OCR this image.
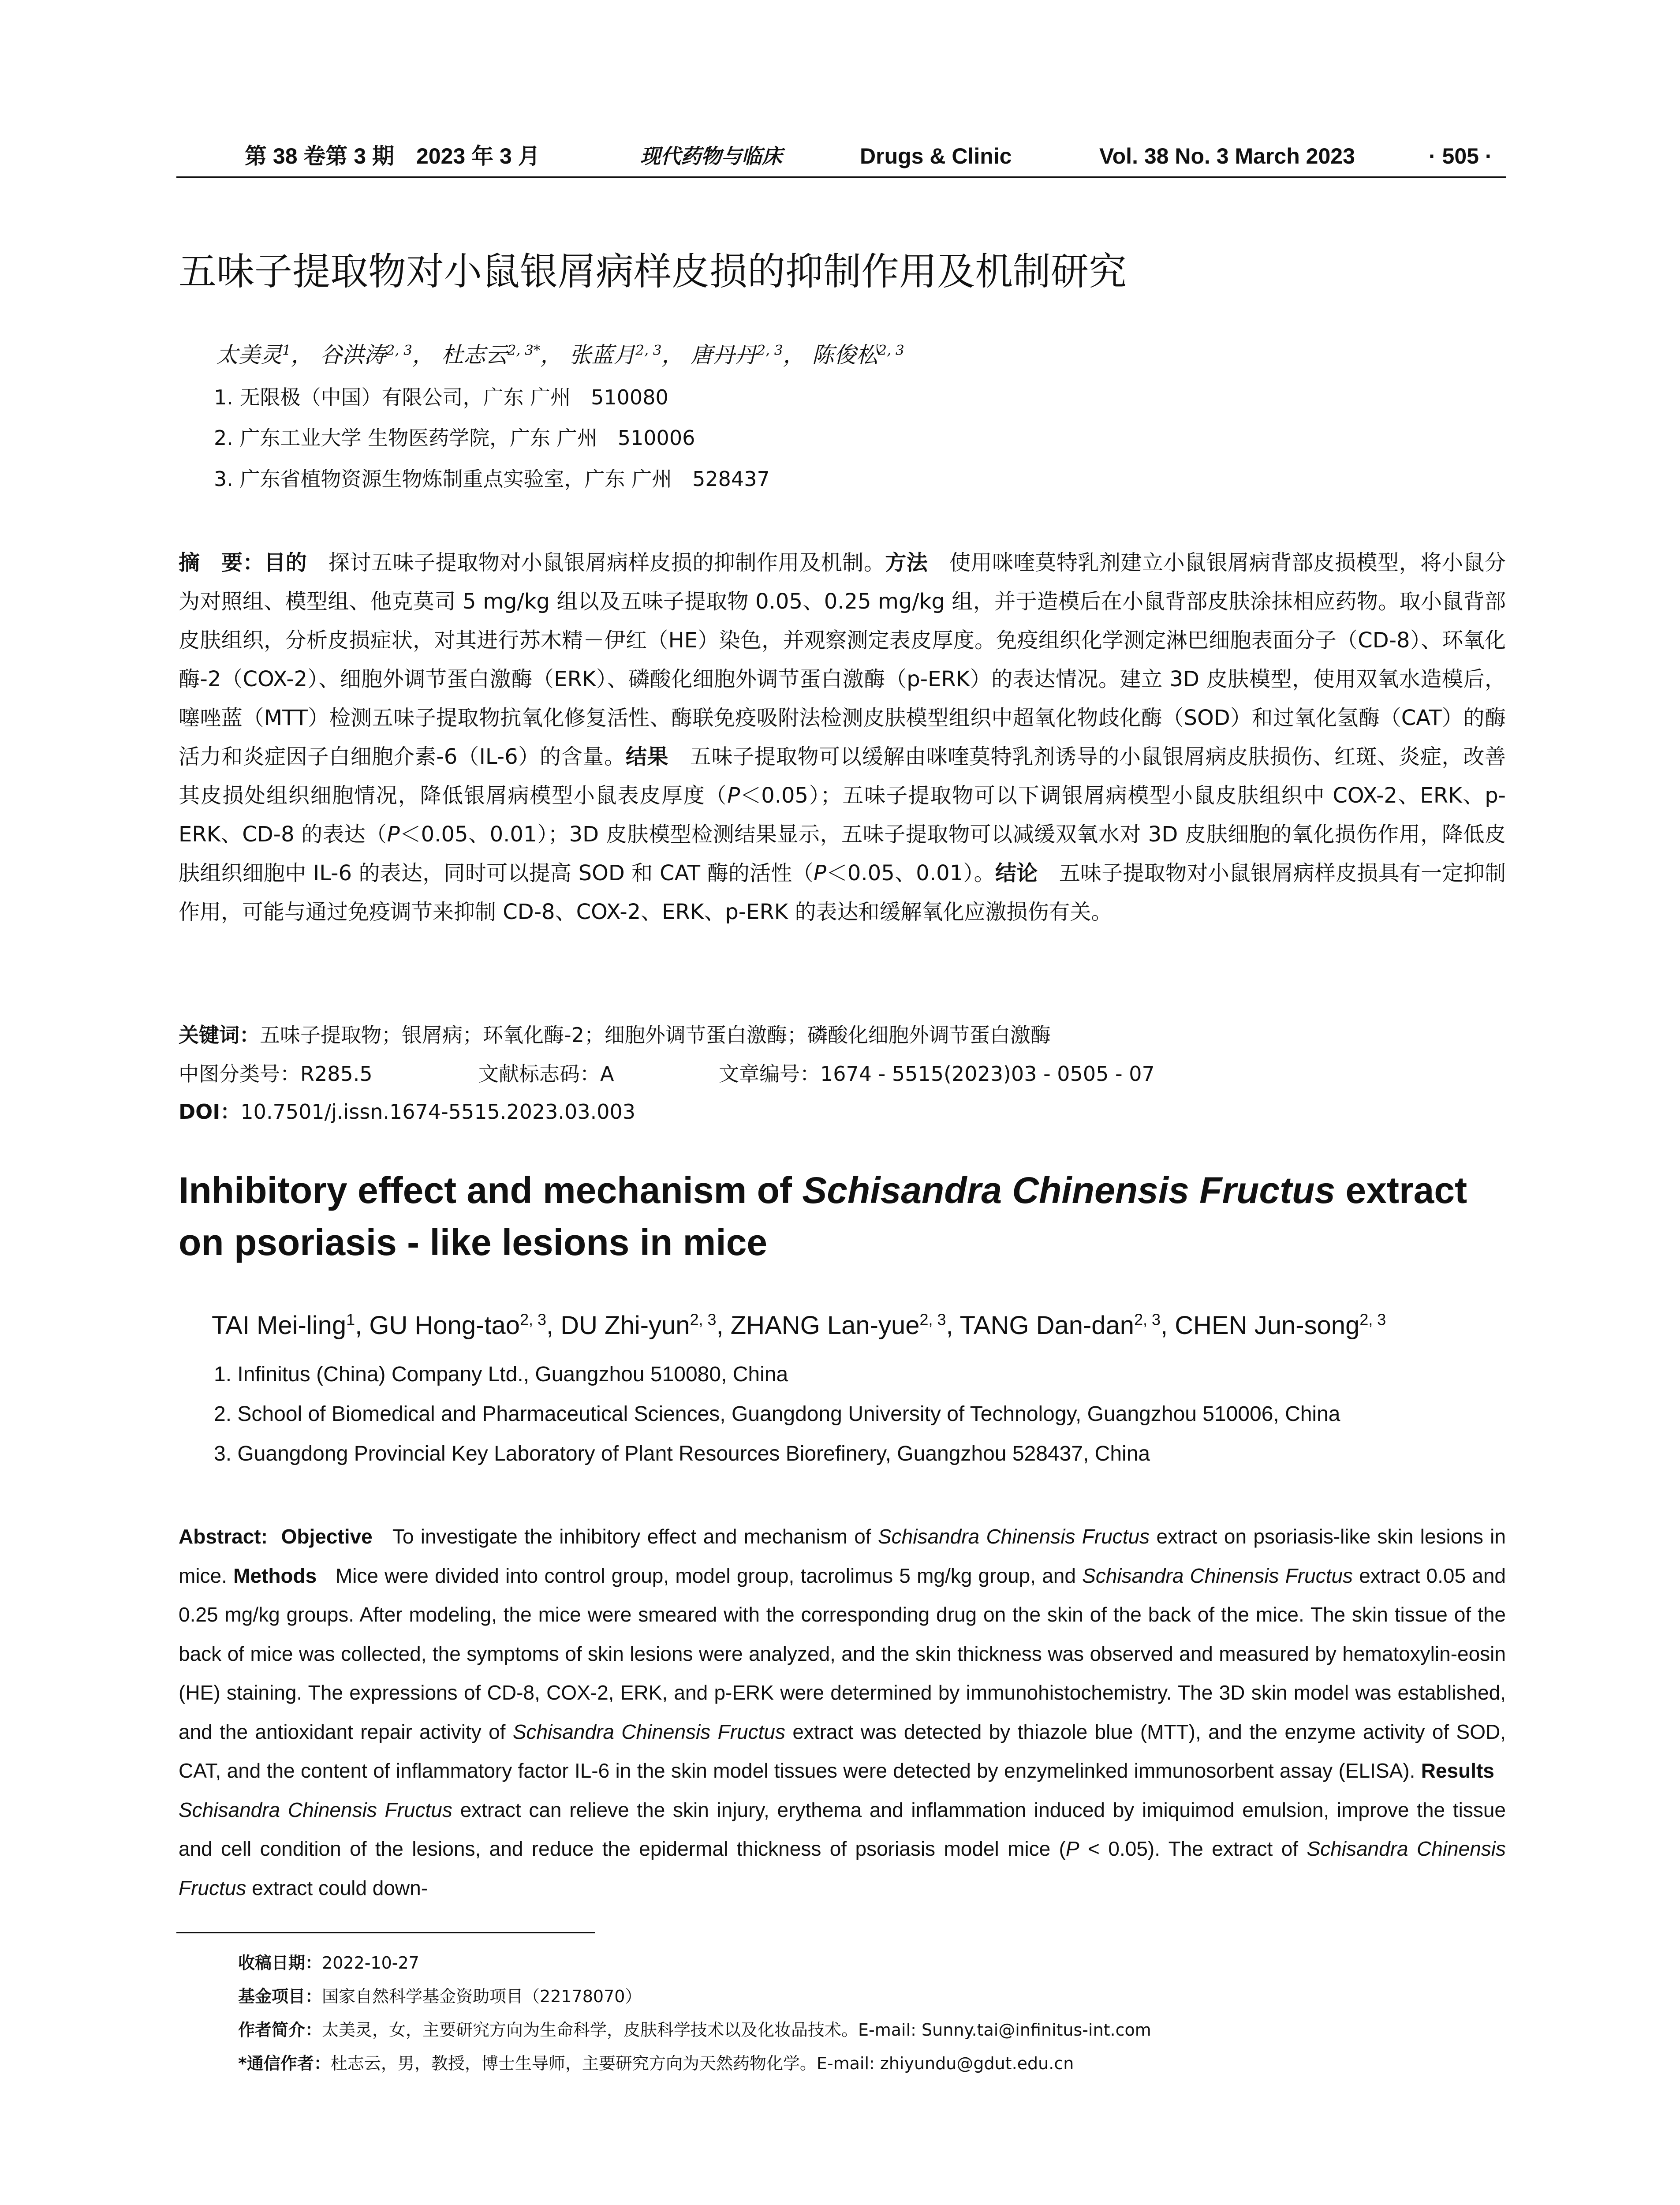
第 38 卷第 3 期　2023 年 3 月	现代药物与临床	Drugs & Clinic	Vol. 38 No. 3 March 2023	· 505 ·
五味子提取物对小鼠银屑病样皮损的抑制作用及机制研究
太美灵$^1$， 谷洪涛$^{2, 3}$， 杜志云$^{2, 3*}$， 张蓝月$^{2, 3}$， 唐丹丹$^{2, 3}$， 陈俊松$^{2, 3}$
1. 无限极（中国）有限公司，广东 广州　510080
2. 广东工业大学 生物医药学院，广东 广州　510006
3. 广东省植物资源生物炼制重点实验室，广东 广州　528437
摘　要：目的　 探讨五味子提取物对小鼠银屑病样皮损的抑制作用及机制。方法　 使用咪喹莫特乳剂建立小鼠银屑病背部皮损模型，将小鼠分为对照组、模型组、他克莫司 5 mg/kg 组以及五味子提取物 0.05、0.25 mg/kg 组，并于造模后在小鼠背部皮肤涂抹相应药物。取小鼠背部皮肤组织，分析皮损症状，对其进行苏木精－伊红（HE）染色，并观察测定表皮厚度。免疫组织化学测定淋巴细胞表面分子（CD-8）、环氧化酶-2（COX-2）、细胞外调节蛋白激酶（ERK）、磷酸化细胞外调节蛋白激酶（p-ERK）的表达情况。建立 3D 皮肤模型，使用双氧水造模后，噻唑蓝（MTT）检测五味子提取物抗氧化修复活性、酶联免疫吸附法检测皮肤模型组织中超氧化物歧化酶（SOD）和过氧化氢酶（CAT）的酶活力和炎症因子白细胞介素-6（IL-6）的含量。结果　 五味子提取物可以缓解由咪喹莫特乳剂诱导的小鼠银屑病皮肤损伤、红斑、炎症，改善其皮损处组织细胞情况，降低银屑病模型小鼠表皮厚度（P＜0.05）；五味子提取物可以下调银屑病模型小鼠皮肤组织中 COX-2、ERK、p-ERK、CD-8 的表达（P＜0.05、0.01）；3D 皮肤模型检测结果显示，五味子提取物可以减缓双氧水对 3D 皮肤细胞的氧化损伤作用，降低皮肤组织细胞中 IL-6 的表达，同时可以提高 SOD 和 CAT 酶的活性（P＜0.05、0.01）。结论　 五味子提取物对小鼠银屑病样皮损具有一定抑制作用，可能与通过免疫调节来抑制 CD-8、COX-2、ERK、p-ERK 的表达和缓解氧化应激损伤有关。
关键词：五味子提取物；银屑病；环氧化酶-2；细胞外调节蛋白激酶；磷酸化细胞外调节蛋白激酶
中图分类号：R285.5	文献标志码：A	文章编号：1674 - 5515(2023)03 - 0505 - 07
DOI：10.7501/j.issn.1674-5515.2023.03.003
Inhibitory effect and mechanism of Schisandra Chinensis Fructus extract on psoriasis - like lesions in mice
TAI Mei-ling$^1$, GU Hong-tao$^{2, 3}$, DU Zhi-yun$^{2, 3}$, ZHANG Lan-yue$^{2, 3}$, TANG Dan-dan$^{2, 3}$, CHEN Jun-song$^{2, 3}$
1. Infinitus (China) Company Ltd., Guangzhou 510080, China
2. School of Biomedical and Pharmaceutical Sciences, Guangdong University of Technology, Guangzhou 510006, China
3. Guangdong Provincial Key Laboratory of Plant Resources Biorefinery, Guangzhou 528437, China
Abstract: Objective To investigate the inhibitory effect and mechanism of Schisandra Chinensis Fructus extract on psoriasis-like skin lesions in mice. Methods Mice were divided into control group, model group, tacrolimus 5 mg/kg group, and Schisandra Chinensis Fructus extract 0.05 and 0.25 mg/kg groups. After modeling, the mice were smeared with the corresponding drug on the skin of the back of the mice. The skin tissue of the back of mice was collected, the symptoms of skin lesions were analyzed, and the skin thickness was observed and measured by hematoxylin-eosin (HE) staining. The expressions of CD-8, COX-2, ERK, and p-ERK were determined by immunohistochemistry. The 3D skin model was established, and the antioxidant repair activity of Schisandra Chinensis Fructus extract was detected by thiazole blue (MTT), and the enzyme activity of SOD, CAT, and the content of inflammatory factor IL-6 in the skin model tissues were detected by enzymelinked immunosorbent assay (ELISA). Results   Schisandra Chinensis Fructus extract can relieve the skin injury, erythema and inflammation induced by imiquimod emulsion, improve the tissue and cell condition of the lesions, and reduce the epidermal thickness of psoriasis model mice (P < 0.05). The extract of Schisandra Chinensis Fructus extract could down-
收稿日期：2022-10-27
基金项目：国家自然科学基金资助项目（22178070）
作者简介：太美灵，女，主要研究方向为生命科学，皮肤科学技术以及化妆品技术。E-mail: Sunny.tai@infinitus-int.com
*通信作者：杜志云，男，教授，博士生导师，主要研究方向为天然药物化学。E-mail: zhiyundu@gdut.edu.cn
